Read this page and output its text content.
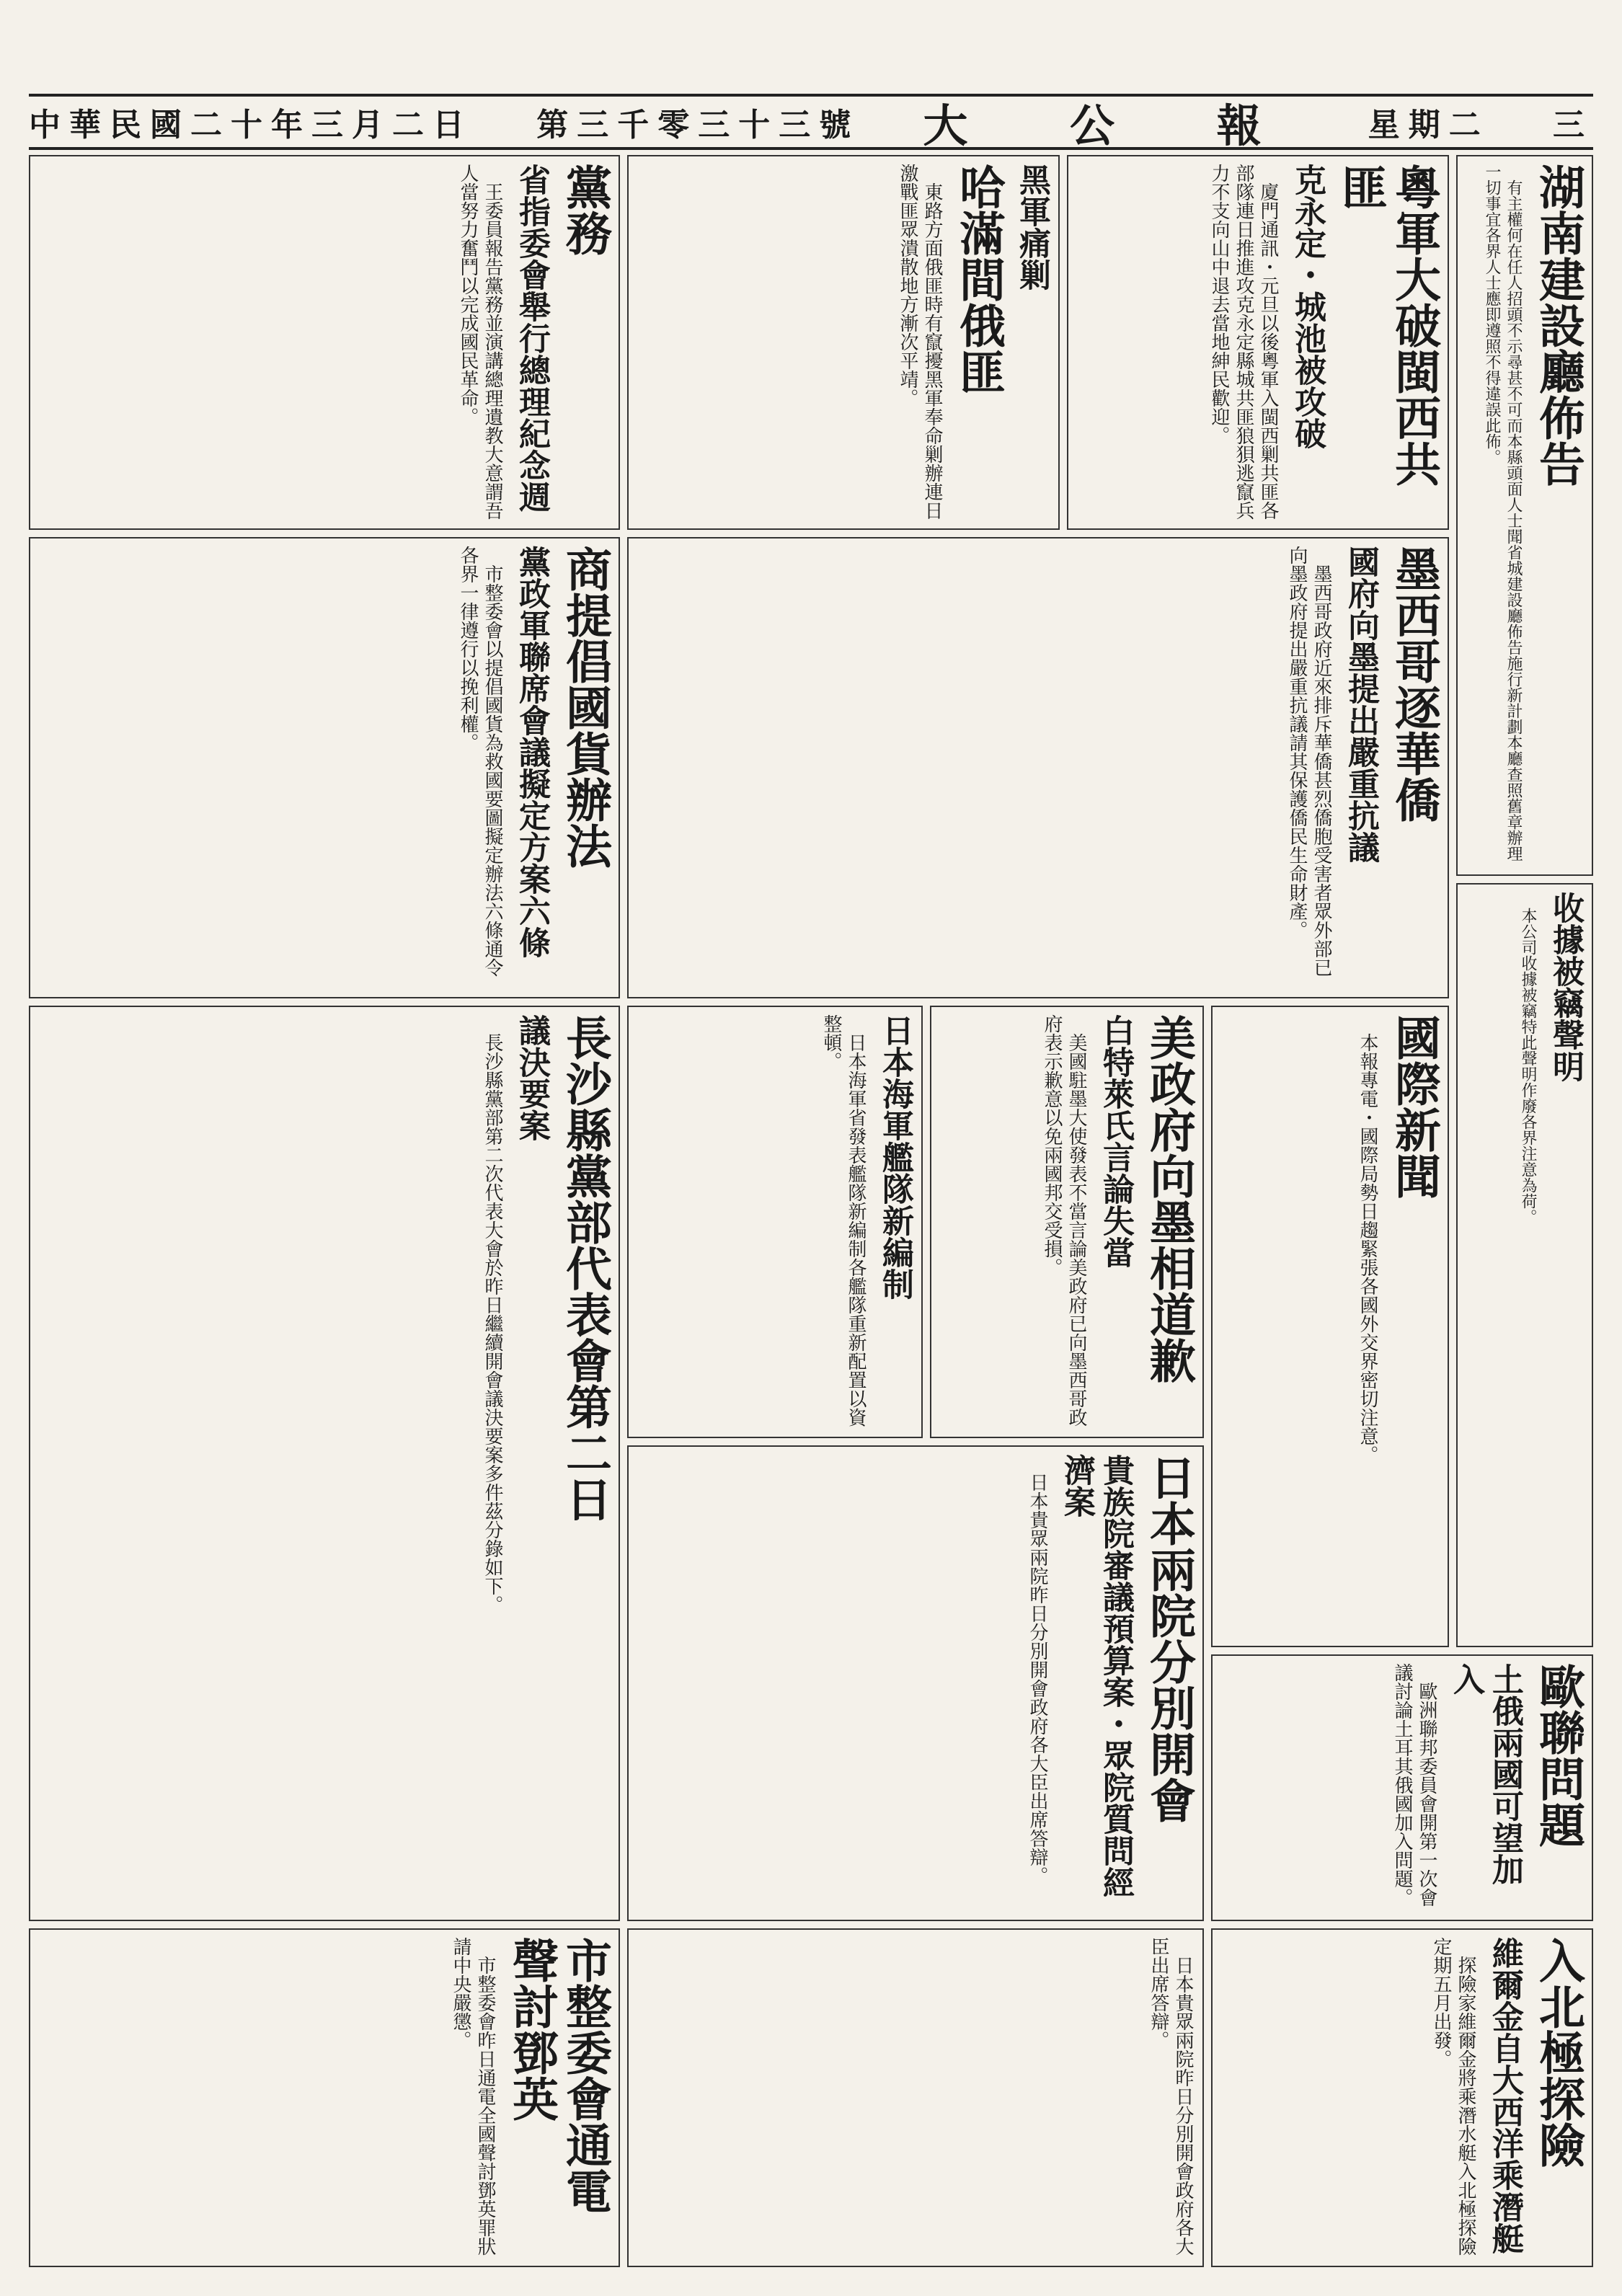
中華民國二十年三月二日 第三千零三十三號 大 公 報 星期二 三
湖南建設廳佈告

有主權何在任人招頭不示尋甚不可而本縣頭面人士聞省城建設廳佈告施行新計劃本廳查照舊章辦理一切事宜各界人士應即遵照不得違誤此佈。

粵軍大破閩西共匪
克永定・城池被攻破

廈門通訊・元旦以後粵軍入閩西剿共匪各部隊連日推進攻克永定縣城共匪狼狽逃竄兵力不支向山中退去當地紳民歡迎。

黑軍痛剿
哈滿間俄匪

東路方面俄匪時有竄擾黑軍奉命剿辦連日激戰匪眾潰散地方漸次平靖。

黨務
省指委會舉行總理紀念週

王委員報告黨務並演講總理遺教大意謂吾人當努力奮鬥以完成國民革命。

商提倡國貨辦法
黨政軍聯席會議擬定方案六條

市整委會以提倡國貨為救國要圖擬定辦法六條通令各界一律遵行以挽利權。	墨西哥逐華僑
國府向墨提出嚴重抗議

墨西哥政府近來排斥華僑甚烈僑胞受害者眾外部已向墨政府提出嚴重抗議請其保護僑民生命財產。

收據被竊聲明

本公司收據被竊特此聲明作廢各界注意為荷。

長沙縣黨部代表會第二日
議決要案

長沙縣黨部第二次代表大會於昨日繼續開會議決要案多件茲分錄如下。	國際新聞

本報專電・國際局勢日趨緊張各國外交界密切注意。

美政府向墨相道歉
白特萊氏言論失當

美國駐墨大使發表不當言論美政府已向墨西哥政府表示歉意以免兩國邦交受損。

日本海軍艦隊新編制

日本海軍省發表艦隊新編制各艦隊重新配置以資整頓。

日本兩院分別開會
貴族院審議預算案・眾院質問經濟案

日本貴眾兩院昨日分別開會政府各大臣出席答辯。	歐聯問題
土俄兩國可望加入

歐洲聯邦委員會開第一次會議討論土耳其俄國加入問題。

入北極探險
維爾金自大西洋乘潛艇

探險家維爾金將乘潛水艇入北極探險定期五月出發。

市整委會通電聲討鄧英

市整委會昨日通電全國聲討鄧英罪狀請中央嚴懲。	日本貴眾兩院昨日分別開會政府各大臣出席答辯。
